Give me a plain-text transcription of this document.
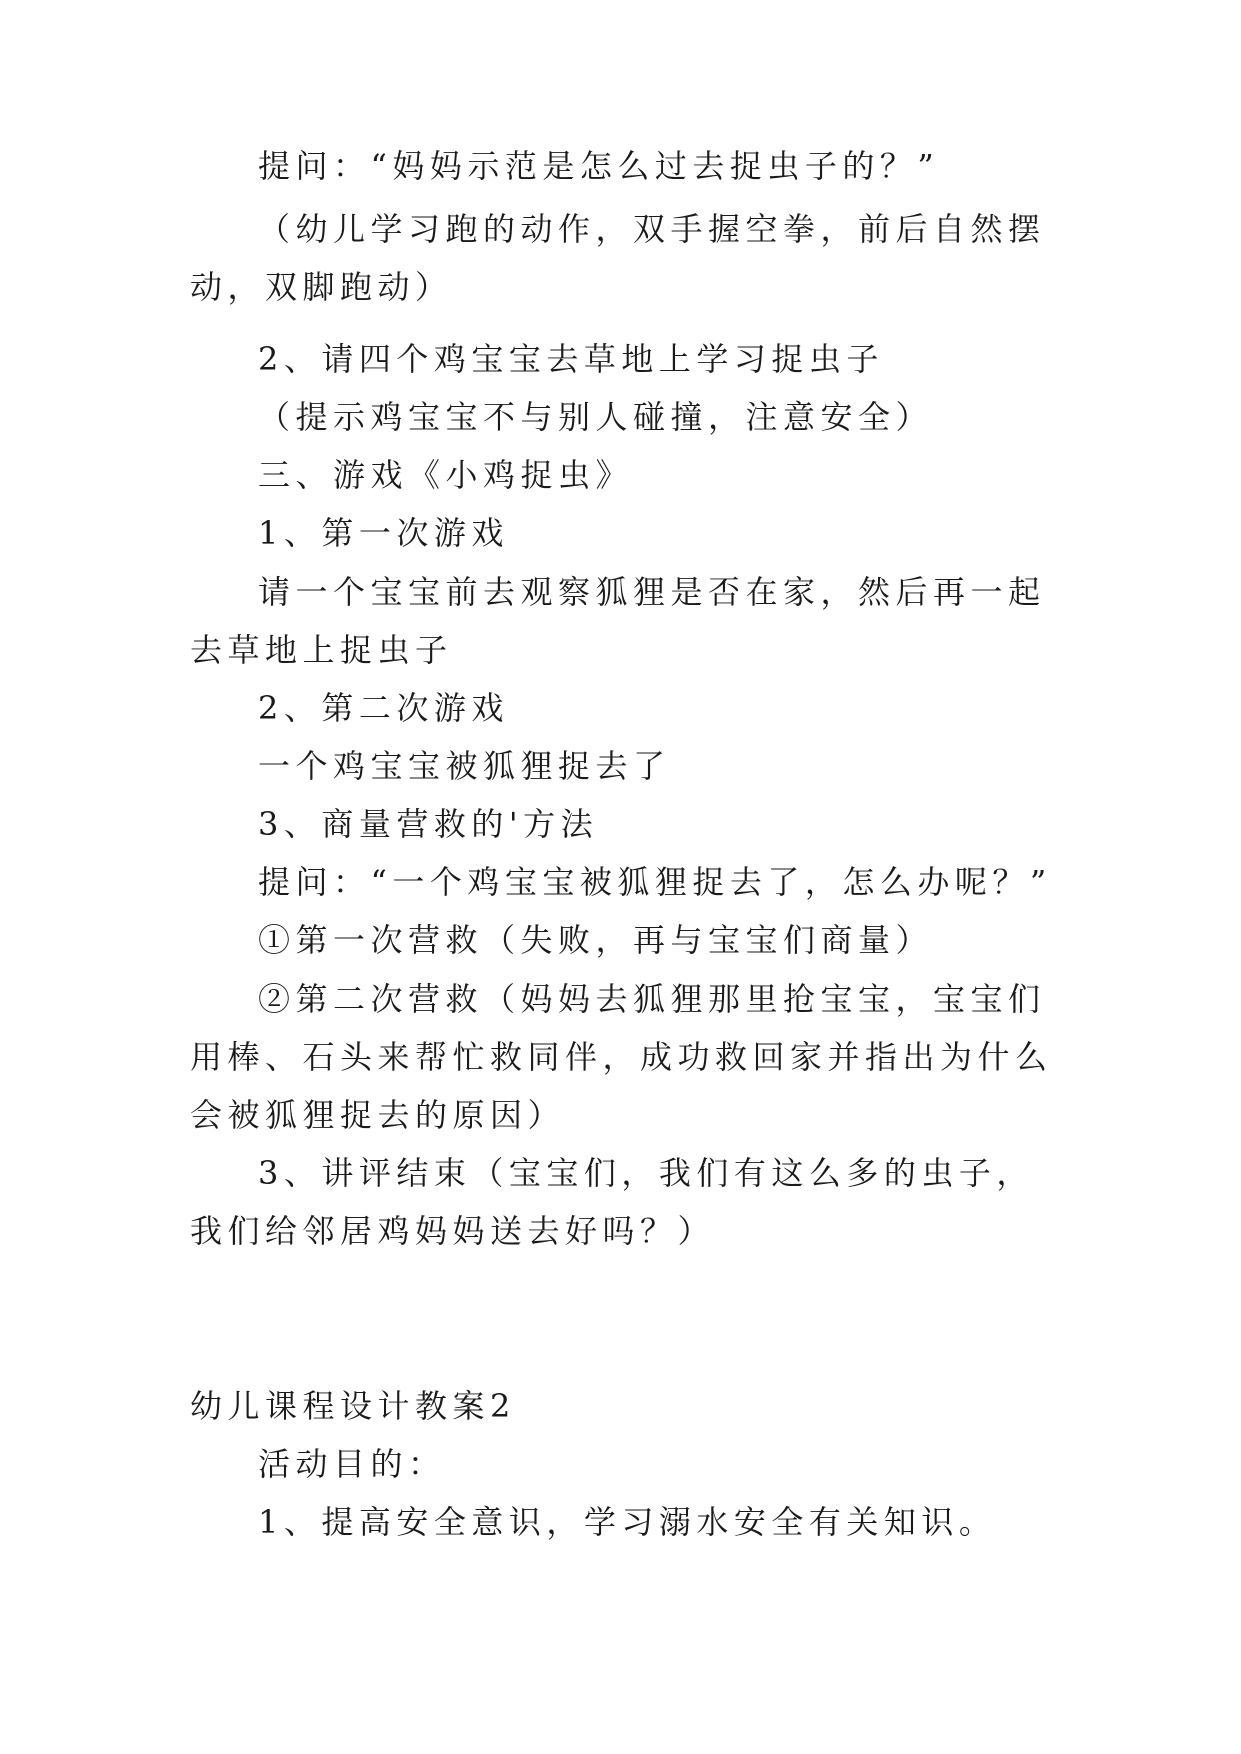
提问：“妈妈示范是怎么过去捉虫子的？”
（幼儿学习跑的动作，双手握空拳，前后自然摆动，双脚跑动）
2、请四个鸡宝宝去草地上学习捉虫子
（提示鸡宝宝不与别人碰撞，注意安全）
三、游戏《小鸡捉虫》
1、第一次游戏
请一个宝宝前去观察狐狸是否在家，然后再一起去草地上捉虫子
2、第二次游戏
一个鸡宝宝被狐狸捉去了
3、商量营救的'方法
提问：“一个鸡宝宝被狐狸捉去了，怎么办呢？”
①第一次营救（失败，再与宝宝们商量）
②第二次营救（妈妈去狐狸那里抢宝宝，宝宝们用棒、石头来帮忙救同伴，成功救回家并指出为什么会被狐狸捉去的原因）
3、讲评结束（宝宝们，我们有这么多的虫子，我们给邻居鸡妈妈送去好吗？）
幼儿课程设计教案2
活动目的：
1、提高安全意识，学习溺水安全有关知识。
